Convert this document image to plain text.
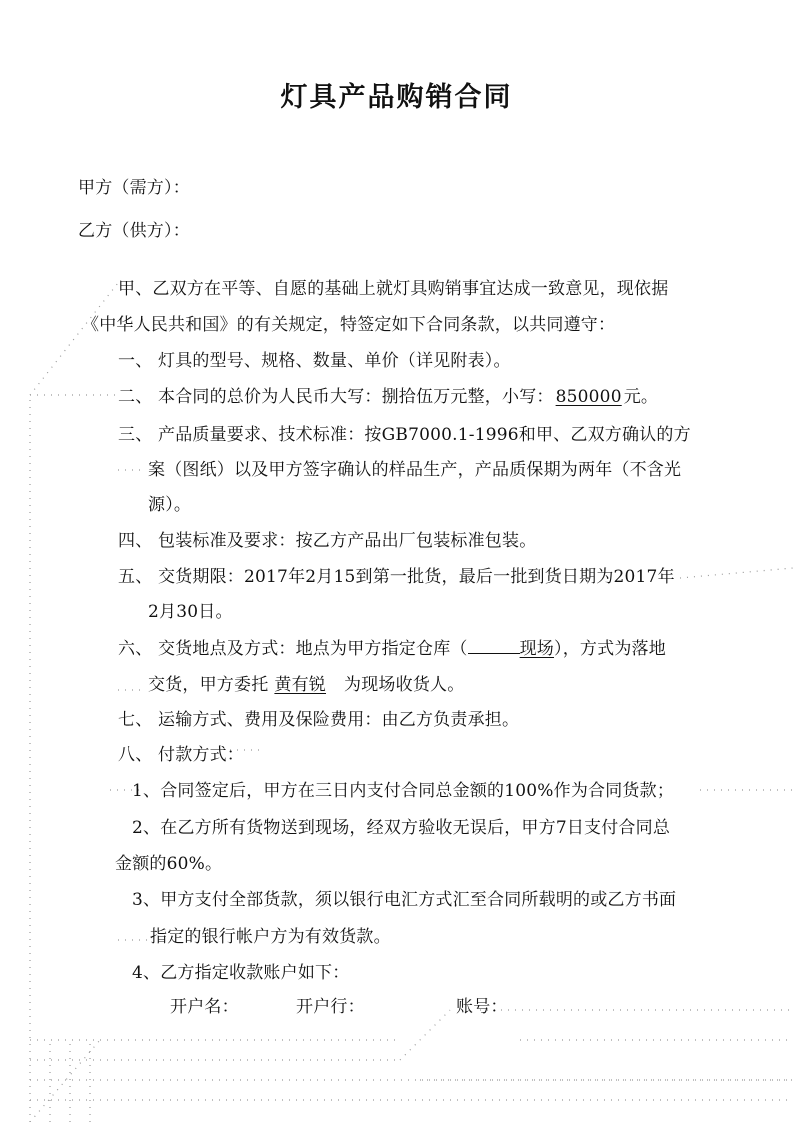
灯具产品购销合同
甲方（需方）：
乙方（供方）：
甲、乙双方在平等、自愿的基础上就灯具购销事宜达成一致意见，现依据
《中华人民共和国》的有关规定，特签定如下合同条款，以共同遵守：
一、 灯具的型号、规格、数量、单价（详见附表）。
二、 本合同的总价为人民币大写：捌拾伍万元整，小写： 850000 元。
三、 产品质量要求、技术标准：按GB7000.1-1996和甲、乙双方确认的方
案（图纸）以及甲方签字确认的样品生产，产品质保期为两年（不含光
源）。
四、 包装标准及要求：按乙方产品出厂包装标准包装。
五、 交货期限：2017年2月15到第一批货，最后一批到货日期为2017年
2月30日。
六、 交货地点及方式：地点为甲方指定仓库（	现场），方式为落地
交货，甲方委托 黄有锐 为现场收货人。
七、 运输方式、费用及保险费用：由乙方负责承担。
八、 付款方式：
1、合同签定后，甲方在三日内支付合同总金额的100%作为合同货款；
2、在乙方所有货物送到现场，经双方验收无误后，甲方7日支付合同总
金额的60%。
3、甲方支付全部货款，须以银行电汇方式汇至合同所载明的或乙方书面
指定的银行帐户方为有效货款。
4、乙方指定收款账户如下：
开户名：	开户行：	账号：
